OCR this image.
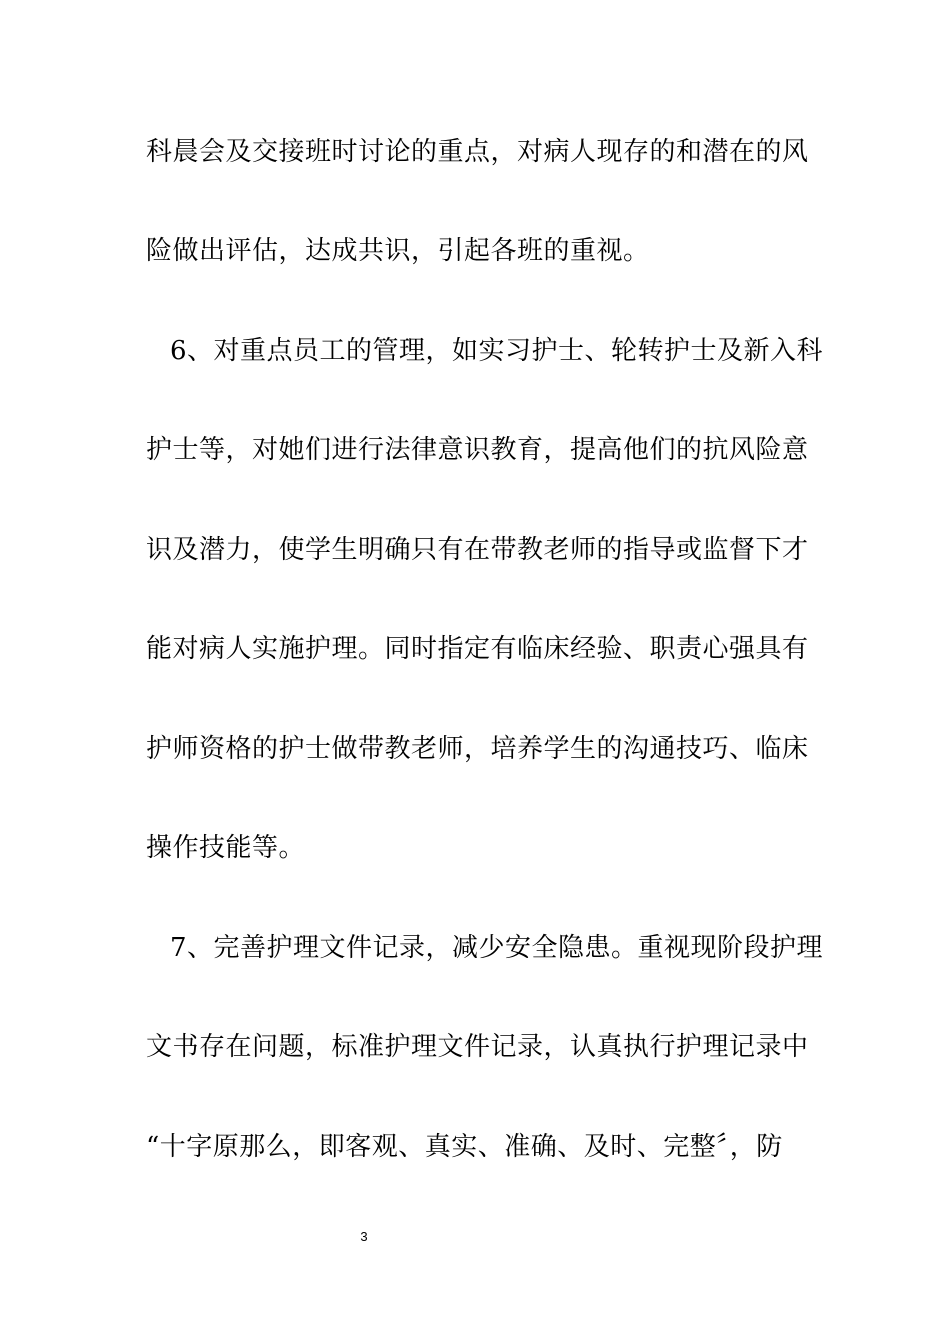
科晨会及交接班时讨论的重点，对病人现存的和潜在的风
险做出评估，达成共识，引起各班的重视。
6、对重点员工的管理，如实习护士、轮转护士及新入科
护士等，对她们进行法律意识教育，提高他们的抗风险意
识及潜力，使学生明确只有在带教老师的指导或监督下才
能对病人实施护理。同时指定有临床经验、职责心强具有
护师资格的护士做带教老师，培养学生的沟通技巧、临床
操作技能等。
7、完善护理文件记录，减少安全隐患。重视现阶段护理
文书存在问题，标准护理文件记录，认真执行护理记录中
“十字原那么，即客观、真实、准确、及时、完整〞，防
3
